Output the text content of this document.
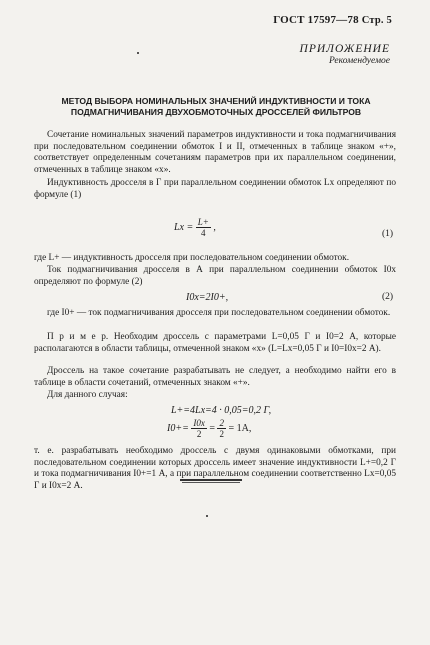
ГОСТ 17597—78 Стр. 5
ПРИЛОЖЕНИЕ
Рекомендуемое
МЕТОД ВЫБОРА НОМИНАЛЬНЫХ ЗНАЧЕНИЙ ИНДУКТИВНОСТИ И ТОКА
ПОДМАГНИЧИВАНИЯ ДВУХОБМОТОЧНЫХ ДРОССЕЛЕЙ ФИЛЬТРОВ
Сочетание номинальных значений параметров индуктивности и тока подмагничивания при последовательном соединении обмоток I и II, отмеченных в таблице знаком «+», соответствует определенным сочетаниям параметров при их параллельном соединении, отмеченных в таблице знаком «х».
Индуктивность дросселя в Г при параллельном соединении обмоток Lх определяют по формуле (1)
Lх = $\frac{L+}{4}$ ,
(1)
где L+ — индуктивность дросселя при последовательном соединении обмоток.
Ток подмагничивания дросселя в А при параллельном соединении обмоток I0х определяют по формуле (2)
I0х=2I0+,	(2)
где I0+ — ток подмагничивания дросселя при последовательном соединении обмоток.
П р и м е р. Необходим дроссель с параметрами L=0,05 Г и I0=2 А, которые располагаются в области таблицы, отмеченной знаком «х» (L=Lх=0,05 Г и I0=I0х=2 А).
Дроссель на такое сочетание разрабатывать не следует, а необходимо найти его в таблице в области сочетаний, отмеченных знаком «+».
Для данного случая:
L+=4Lх=4 · 0,05=0,2 Г,
$I0+= \frac{I0х}{2} = \frac{2}{2} = 1А$,
т. е. разрабатывать необходимо дроссель с двумя одинаковыми обмотками, при последовательном соединении которых дроссель имеет значение индуктивности L+=0,2 Г и тока подмагничивания I0+=1 А, а при параллельном соединении соответственно Lх=0,05 Г и I0х=2 А.
